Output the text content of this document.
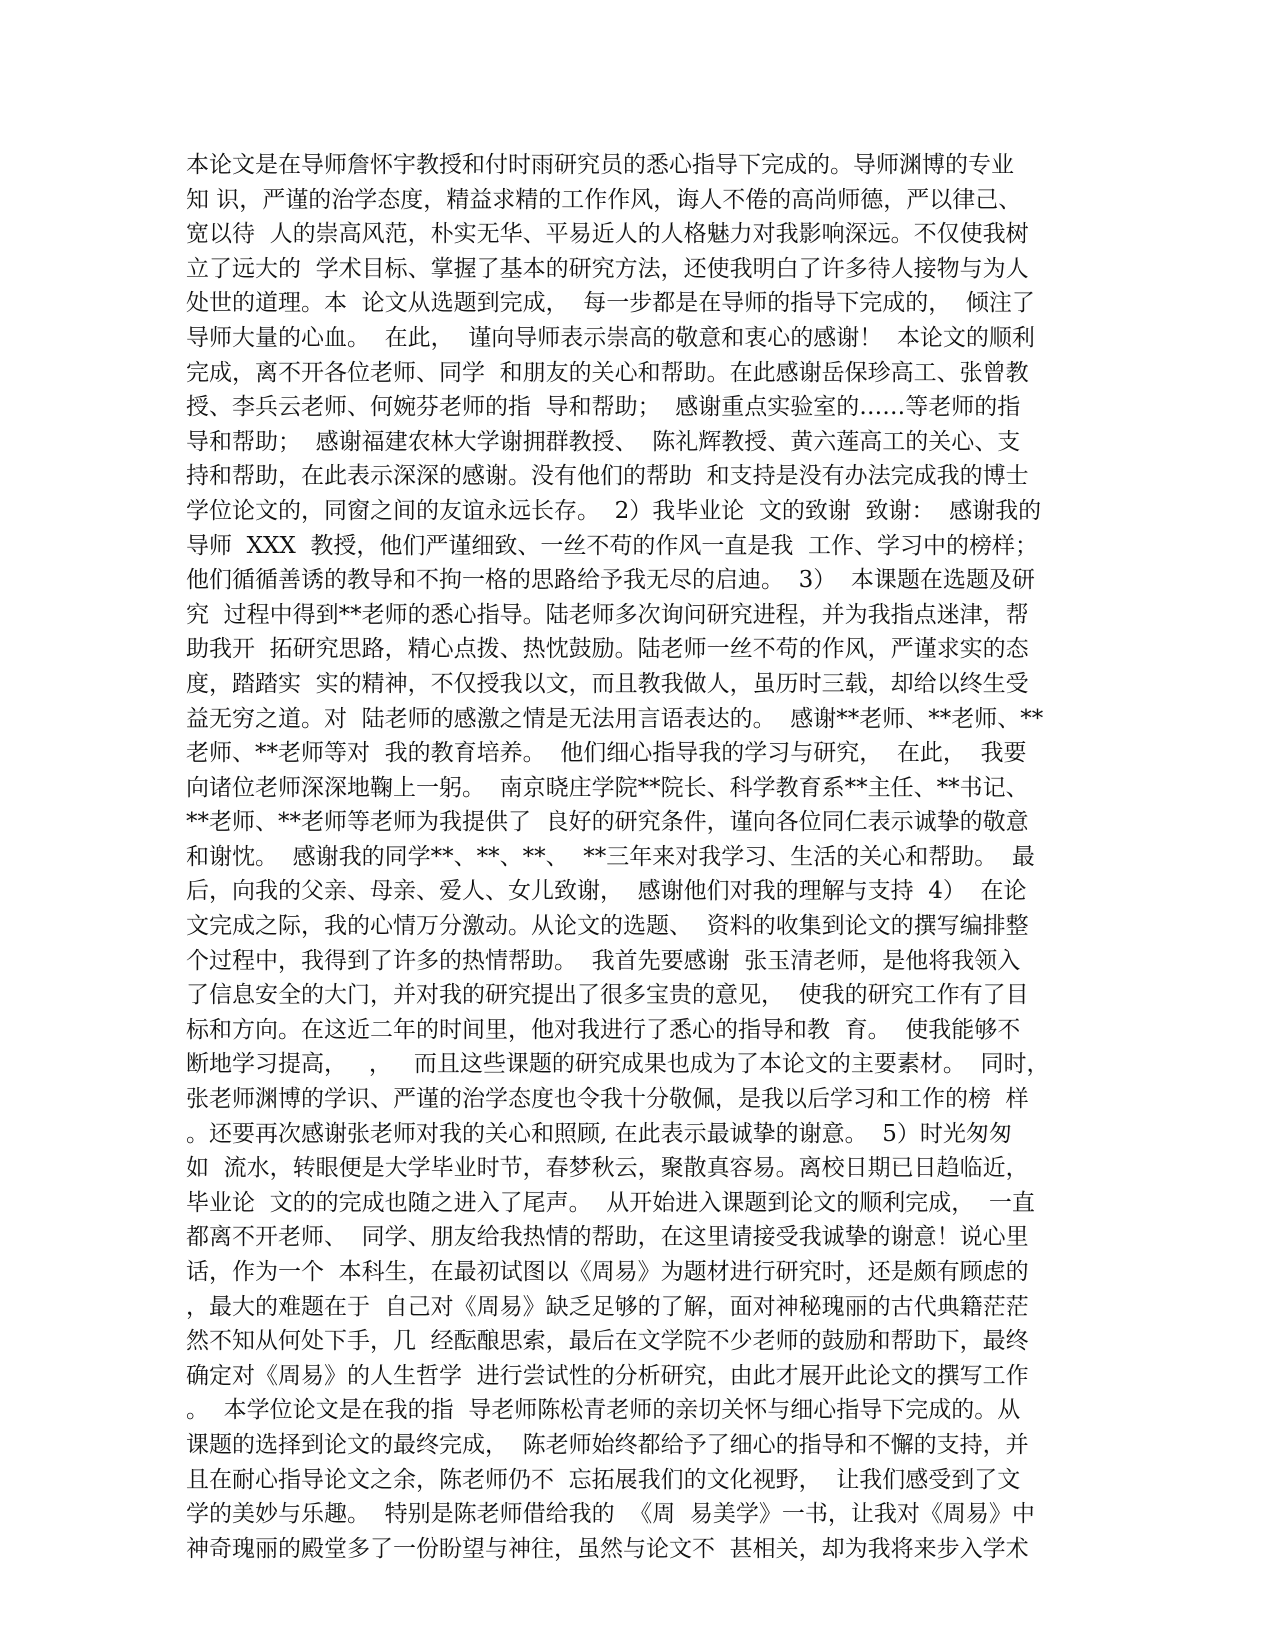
本论文是在导师詹怀宇教授和付时雨研究员的悉心指导下完成的。导师渊博的专业
知 识，严谨的治学态度，精益求精的工作作风，诲人不倦的高尚师德，严以律己、
宽以待  人的崇高风范，朴实无华、平易近人的人格魅力对我影响深远。不仅使我树
立了远大的  学术目标、掌握了基本的研究方法，还使我明白了许多待人接物与为人
处世的道理。本  论文从选题到完成，  每一步都是在导师的指导下完成的，  倾注了
导师大量的心血。  在此，  谨向导师表示崇高的敬意和衷心的感谢！  本论文的顺利
完成，离不开各位老师、同学  和朋友的关心和帮助。在此感谢岳保珍高工、张曾教
授、李兵云老师、何婉芬老师的指  导和帮助；  感谢重点实验室的……等老师的指
导和帮助；  感谢福建农林大学谢拥群教授、  陈礼辉教授、黄六莲高工的关心、支
持和帮助，在此表示深深的感谢。没有他们的帮助  和支持是没有办法完成我的博士
学位论文的，同窗之间的友谊永远长存。  2）我毕业论  文的致谢  致谢：  感谢我的
导师  XXX  教授，他们严谨细致、一丝不苟的作风一直是我  工作、学习中的榜样；
他们循循善诱的教导和不拘一格的思路给予我无尽的启迪。  3）  本课题在选题及研
究  过程中得到**老师的悉心指导。陆老师多次询问研究进程，并为我指点迷津，帮
助我开  拓研究思路，精心点拨、热忱鼓励。陆老师一丝不苟的作风，严谨求实的态
度，踏踏实  实的精神，不仅授我以文，而且教我做人，虽历时三载，却给以终生受
益无穷之道。对  陆老师的感激之情是无法用言语表达的。  感谢**老师、**老师、**
老师、**老师等对  我的教育培养。  他们细心指导我的学习与研究，  在此，  我要
向诸位老师深深地鞠上一躬。  南京晓庄学院**院长、科学教育系**主任、**书记、
**老师、**老师等老师为我提供了  良好的研究条件，谨向各位同仁表示诚挚的敬意
和谢忱。  感谢我的同学**、**、**、  **三年来对我学习、生活的关心和帮助。  最
后，向我的父亲、母亲、爱人、女儿致谢，  感谢他们对我的理解与支持  4）  在论
文完成之际，我的心情万分激动。从论文的选题、  资料的收集到论文的撰写编排整
个过程中，我得到了许多的热情帮助。  我首先要感谢  张玉清老师，是他将我领入
了信息安全的大门，并对我的研究提出了很多宝贵的意见，  使我的研究工作有了目
标和方向。在这近二年的时间里，他对我进行了悉心的指导和教  育。  使我能够不
断地学习提高，   ，   而且这些课题的研究成果也成为了本论文的主要素材。  同时，
张老师渊博的学识、严谨的治学态度也令我十分敬佩，是我以后学习和工作的榜  样
。还要再次感谢张老师对我的关心和照顾, 在此表示最诚挚的谢意。  5）时光匆匆
如  流水，转眼便是大学毕业时节，春梦秋云，聚散真容易。离校日期已日趋临近，
毕业论  文的的完成也随之进入了尾声。  从开始进入课题到论文的顺利完成，  一直
都离不开老师、  同学、朋友给我热情的帮助，在这里请接受我诚挚的谢意！说心里
话，作为一个  本科生，在最初试图以《周易》为题材进行研究时，还是颇有顾虑的
，最大的难题在于  自己对《周易》缺乏足够的了解，面对神秘瑰丽的古代典籍茫茫
然不知从何处下手，几  经酝酿思索，最后在文学院不少老师的鼓励和帮助下，最终
确定对《周易》的人生哲学  进行尝试性的分析研究，由此才展开此论文的撰写工作
。  本学位论文是在我的指  导老师陈松青老师的亲切关怀与细心指导下完成的。从
课题的选择到论文的最终完成，  陈老师始终都给予了细心的指导和不懈的支持，并
且在耐心指导论文之余，陈老师仍不  忘拓展我们的文化视野，  让我们感受到了文
学的美妙与乐趣。  特别是陈老师借给我的  《周  易美学》一书，让我对《周易》中
神奇瑰丽的殿堂多了一份盼望与神往，虽然与论文不  甚相关，却为我将来步入学术
